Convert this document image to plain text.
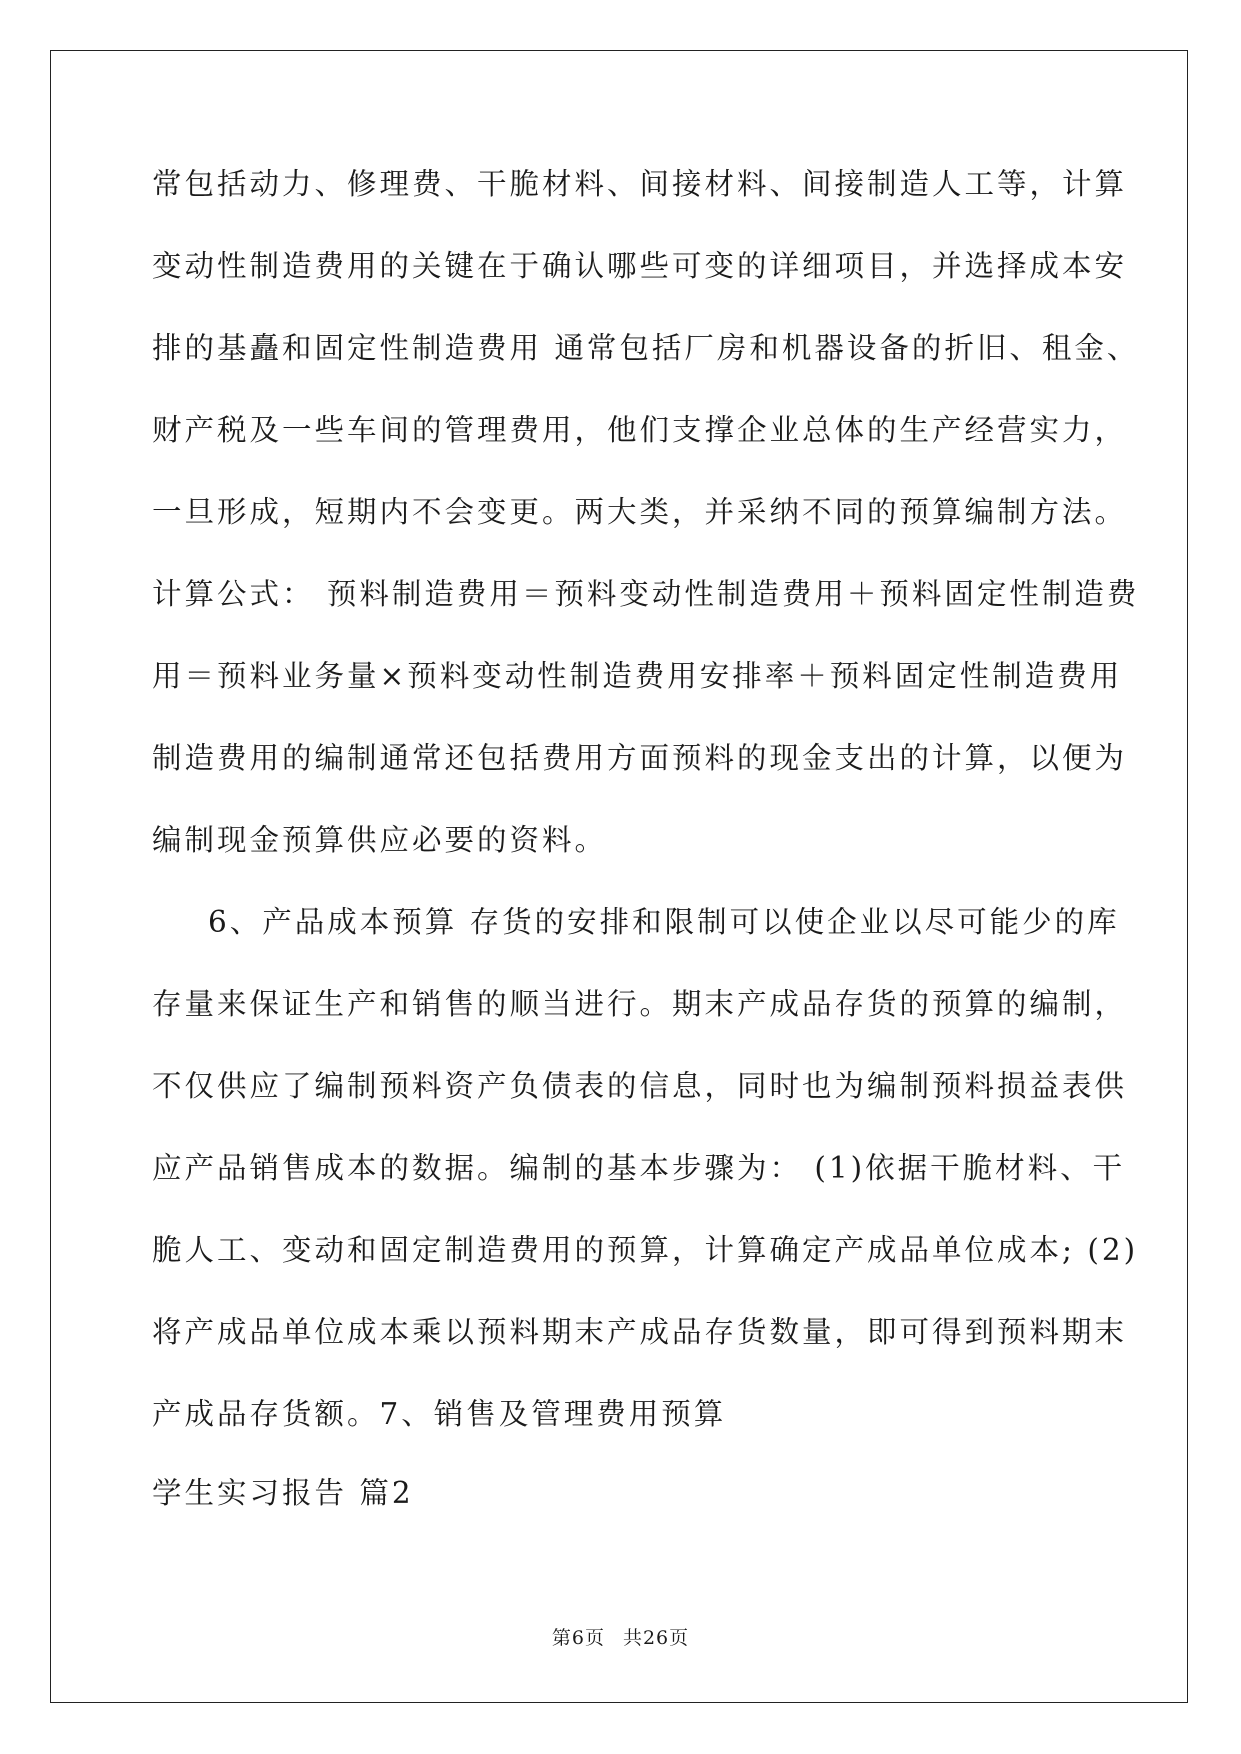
常包括动力、修理费、干脆材料、间接材料、间接制造人工等，计算
变动性制造费用的关键在于确认哪些可变的详细项目，并选择成本安
排的基矗和固定性制造费用 通常包括厂房和机器设备的折旧、租金、
财产税及一些车间的管理费用，他们支撑企业总体的生产经营实力，
一旦形成，短期内不会变更。两大类，并采纳不同的预算编制方法。
计算公式： 预料制造费用＝预料变动性制造费用＋预料固定性制造费
用＝预料业务量×预料变动性制造费用安排率＋预料固定性制造费用
制造费用的编制通常还包括费用方面预料的现金支出的计算，以便为
编制现金预算供应必要的资料。
6、产品成本预算 存货的安排和限制可以使企业以尽可能少的库
存量来保证生产和销售的顺当进行。期末产成品存货的预算的编制，
不仅供应了编制预料资产负债表的信息，同时也为编制预料损益表供
应产品销售成本的数据。编制的基本步骤为： (1)依据干脆材料、干
脆人工、变动和固定制造费用的预算，计算确定产成品单位成本; (2)
将产成品单位成本乘以预料期末产成品存货数量，即可得到预料期末
产成品存货额。7、销售及管理费用预算
学生实习报告 篇2
第6页 共26页
